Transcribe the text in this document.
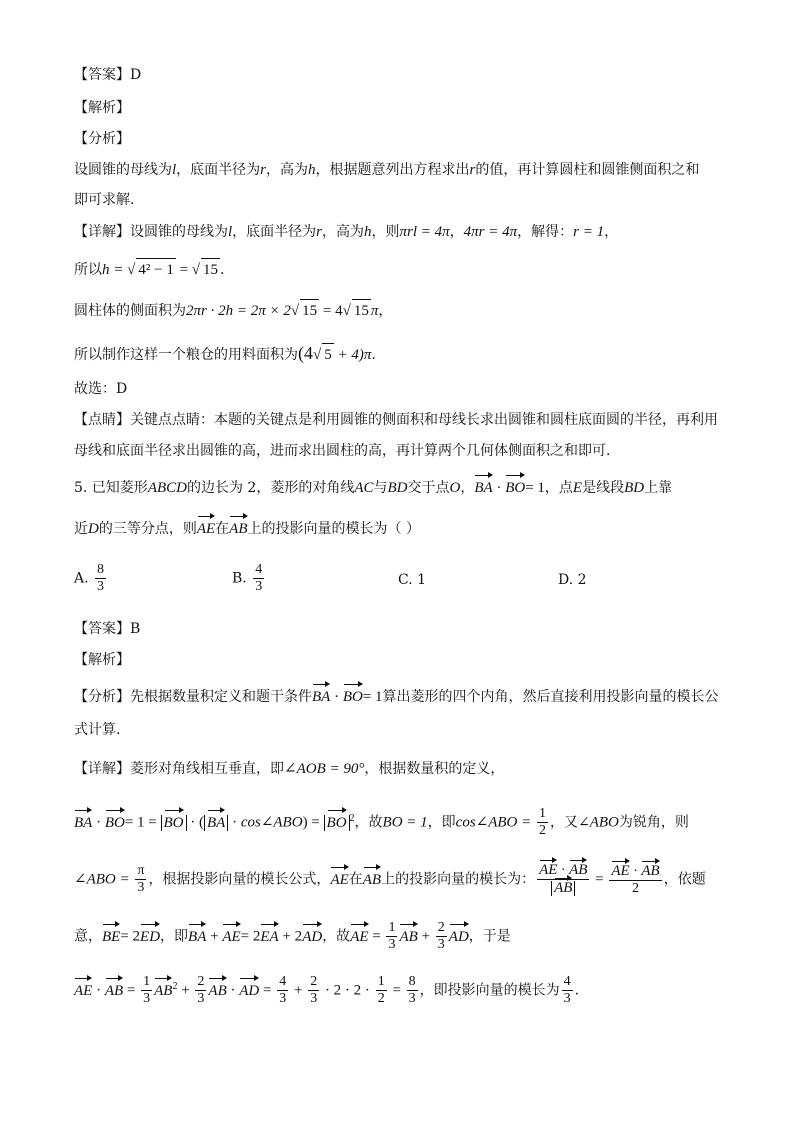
【答案】D
【解析】
【分析】
设圆锥的母线为l，底面半径为r，高为h，根据题意列出方程求出r的值，再计算圆柱和圆锥侧面积之和
即可求解.
【详解】设圆锥的母线为l，底面半径为r，高为h，则πrl = 4π，4πr = 4π，解得：r = 1，
所以h = √ 4² − 1 = √ 15 .
圆柱体的侧面积为2πr · 2h = 2π × 2√ 15 = 4√ 15 π，
所以制作这样一个粮仓的用料面积为(4√ 5 + 4)π.
故选：D
【点睛】关键点点睛：本题的关键点是利用圆锥的侧面积和母线长求出圆锥和圆柱底面圆的半径，再利用
母线和底面半径求出圆锥的高，进而求出圆柱的高，再计算两个几何体侧面积之和即可.
5. 已知菱形ABCD的边长为 2，菱形的对角线AC与BD交于点O，BA · BO= 1，点E是线段BD上靠
近D的三等分点，则AE在AB上的投影向量的模长为（ ）
A. $\frac{8}{3}$	B. $\frac{4}{3}$	C. 1	D. 2
【答案】B
【解析】
【分析】先根据数量积定义和题干条件BA · BO= 1算出菱形的四个内角，然后直接利用投影向量的模长公
式计算.
【详解】菱形对角线相互垂直，即∠AOB = 90°，根据数量积的定义，
BA · BO= 1 = BO · ( BA · cos∠ABO) = BO $^2$，故BO = 1，即cos∠ABO = $\frac{1}{2}$ ，又∠ABO为锐角，则
∠ABO = $\frac{\pi}{3}$ ，根据投影向量的模长公式，AE在AB上的投影向量的模长为： $\frac{AE \cdot AB}{AB} = \frac{AE \cdot AB}{2}$ ，依题
意，BE= 2ED，即BA + AE= 2EA + 2AD，故AE = $\frac{1}{3}$ AB + $\frac{2}{3}$ AD，于是
AE · AB = $\frac{1}{3} AB^2 + \frac{2}{3}$ AB · AD = $\frac{4}{3} + \frac{2}{3} \cdot 2 \cdot 2 \cdot \frac{1}{2} = \frac{8}{3}$ ，即投影向量的模长为 $\frac{4}{3}$ .
